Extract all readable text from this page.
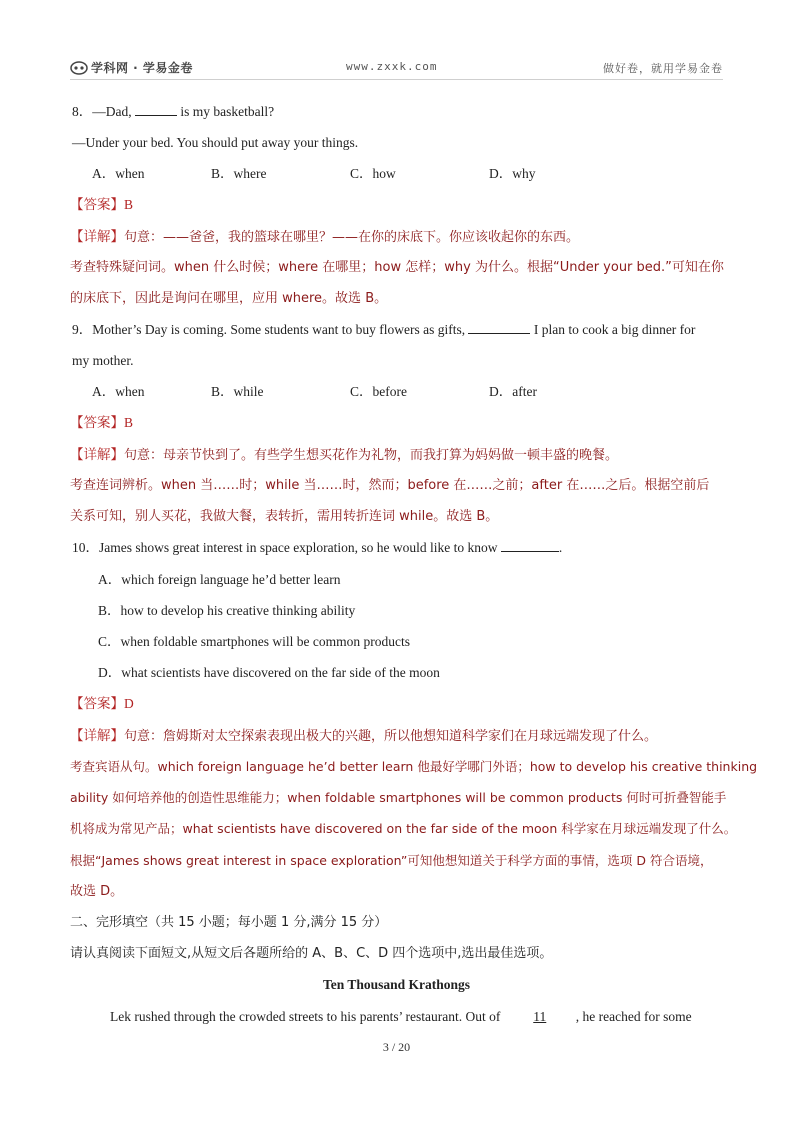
学科网 · 学易金卷	www.zxxk.com	做好卷，就用学易金卷
8．—Dad,	is my basketball?
—Under your bed. You should put away your things.
A．when	B．where	C．how	D．why
【答案】B
【详解】句意：——爸爸，我的篮球在哪里？——在你的床底下。你应该收起你的东西。
考查特殊疑问词。when 什么时候；where 在哪里；how 怎样；why 为什么。根据“Under your bed.”可知在你
的床底下，因此是询问在哪里，应用 where。故选 B。
9．Mother’s Day is coming. Some students want to buy flowers as gifts,	I plan to cook a big dinner for
my mother.
A．when	B．while	C．before	D．after
【答案】B
【详解】句意：母亲节快到了。有些学生想买花作为礼物，而我打算为妈妈做一顿丰盛的晚餐。
考查连词辨析。when 当……时；while 当……时，然而；before 在……之前；after 在……之后。根据空前后
关系可知，别人买花，我做大餐，表转折，需用转折连词 while。故选 B。
10．James shows great interest in space exploration, so he would like to know	.
A．which foreign language he’d better learn
B．how to develop his creative thinking ability
C．when foldable smartphones will be common products
D．what scientists have discovered on the far side of the moon
【答案】D
【详解】句意：詹姆斯对太空探索表现出极大的兴趣，所以他想知道科学家们在月球远端发现了什么。
考查宾语从句。which foreign language he’d better learn 他最好学哪门外语；how to develop his creative thinking
ability 如何培养他的创造性思维能力；when foldable smartphones will be common products 何时可折叠智能手
机将成为常见产品；what scientists have discovered on the far side of the moon 科学家在月球远端发现了什么。
根据“James shows great interest in space exploration”可知他想知道关于科学方面的事情，选项 D 符合语境，
故选 D。
二、完形填空（共 15 小题；每小题 1 分,满分 15 分）
请认真阅读下面短文,从短文后各题所给的 A、B、C、D 四个选项中,选出最佳选项。
Ten Thousand Krathongs
Lek rushed through the crowded streets to his parents’ restaurant. Out of 11 , he reached for some
3 / 20
